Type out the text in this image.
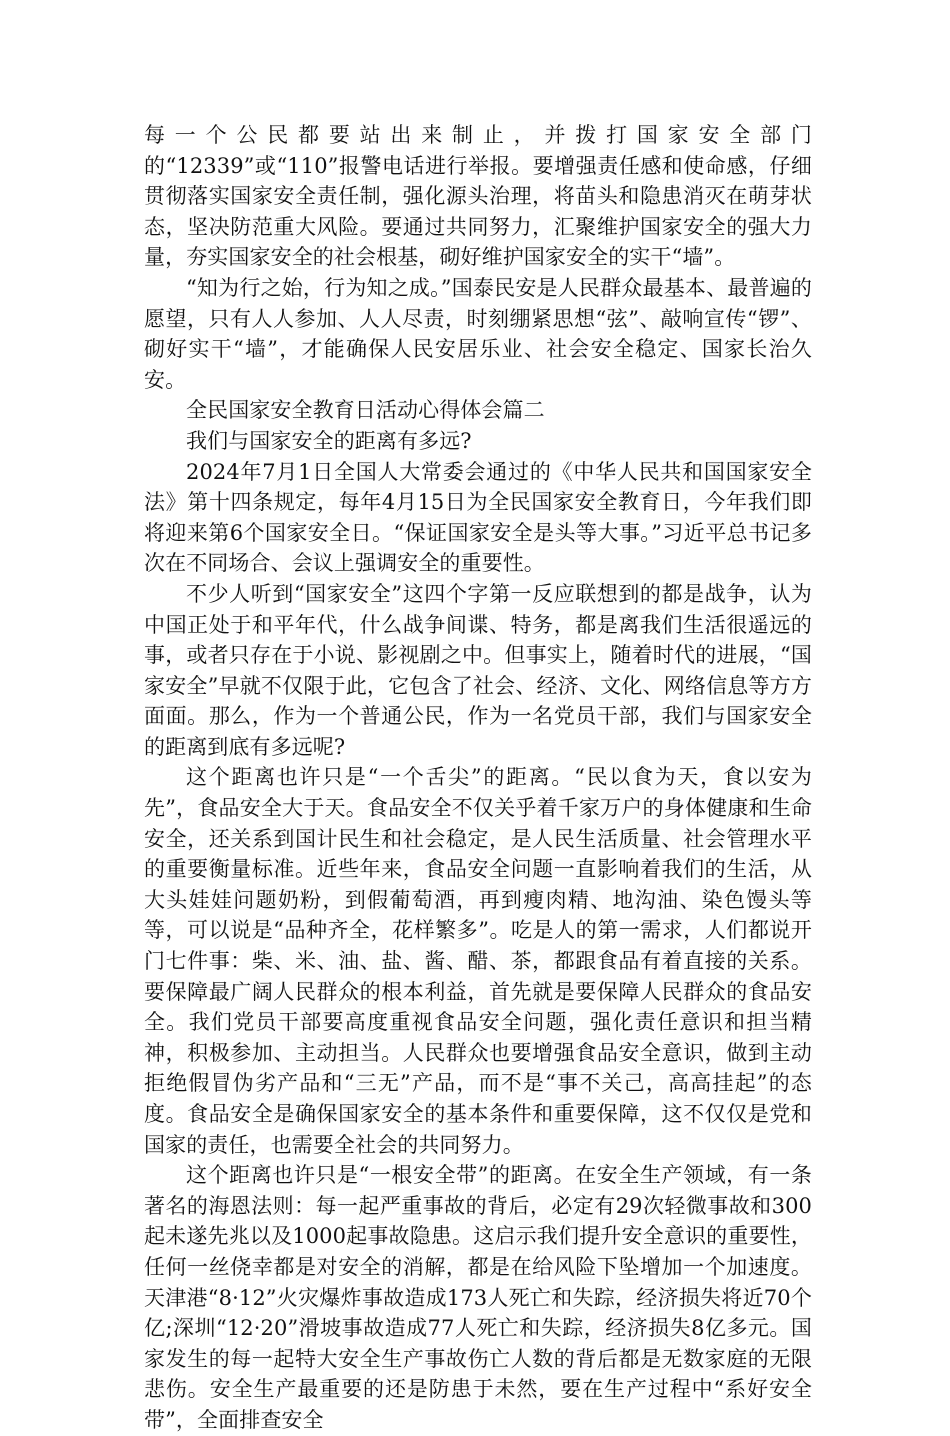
每一个公民都要站出来制止，并拨打国家安全部门的“12339”或“110”报警电话进行举报。要增强责任感和使命感，仔细贯彻落实国家安全责任制，强化源头治理，将苗头和隐患消灭在萌芽状态，坚决防范重大风险。要通过共同努力，汇聚维护国家安全的强大力量，夯实国家安全的社会根基，砌好维护国家安全的实干“墙”。

“知为行之始，行为知之成。”国泰民安是人民群众最基本、最普遍的愿望，只有人人参加、人人尽责，时刻绷紧思想“弦”、敲响宣传“锣”、砌好实干“墙”，才能确保人民安居乐业、社会安全稳定、国家长治久安。

全民国家安全教育日活动心得体会篇二

我们与国家安全的距离有多远?

2024年7月1日全国人大常委会通过的《中华人民共和国国家安全法》第十四条规定，每年4月15日为全民国家安全教育日，今年我们即将迎来第6个国家安全日。“保证国家安全是头等大事。”习近平总书记多次在不同场合、会议上强调安全的重要性。

不少人听到“国家安全”这四个字第一反应联想到的都是战争，认为中国正处于和平年代，什么战争间谍、特务，都是离我们生活很遥远的事，或者只存在于小说、影视剧之中。但事实上，随着时代的进展，“国家安全”早就不仅限于此，它包含了社会、经济、文化、网络信息等方方面面。那么，作为一个普通公民，作为一名党员干部，我们与国家安全的距离到底有多远呢?

这个距离也许只是“一个舌尖”的距离。“民以食为天，食以安为先”，食品安全大于天。食品安全不仅关乎着千家万户的身体健康和生命安全，还关系到国计民生和社会稳定，是人民生活质量、社会管理水平的重要衡量标准。近些年来，食品安全问题一直影响着我们的生活，从大头娃娃问题奶粉，到假葡萄酒，再到瘦肉精、地沟油、染色馒头等等，可以说是“品种齐全，花样繁多”。吃是人的第一需求，人们都说开门七件事：柴、米、油、盐、酱、醋、茶，都跟食品有着直接的关系。要保障最广阔人民群众的根本利益，首先就是要保障人民群众的食品安全。我们党员干部要高度重视食品安全问题，强化责任意识和担当精神，积极参加、主动担当。人民群众也要增强食品安全意识，做到主动拒绝假冒伪劣产品和“三无”产品，而不是“事不关己，高高挂起”的态度。食品安全是确保国家安全的基本条件和重要保障，这不仅仅是党和国家的责任，也需要全社会的共同努力。

这个距离也许只是“一根安全带”的距离。在安全生产领域，有一条著名的海恩法则：每一起严重事故的背后，必定有29次轻微事故和300起未遂先兆以及1000起事故隐患。这启示我们提升安全意识的重要性，任何一丝侥幸都是对安全的消解，都是在给风险下坠增加一个加速度。天津港“8·12”火灾爆炸事故造成173人死亡和失踪，经济损失将近70个亿;深圳“12·20”滑坡事故造成77人死亡和失踪，经济损失8亿多元。国家发生的每一起特大安全生产事故伤亡人数的背后都是无数家庭的无限悲伤。安全生产最重要的还是防患于未然，要在生产过程中“系好安全带”，全面排查安全
